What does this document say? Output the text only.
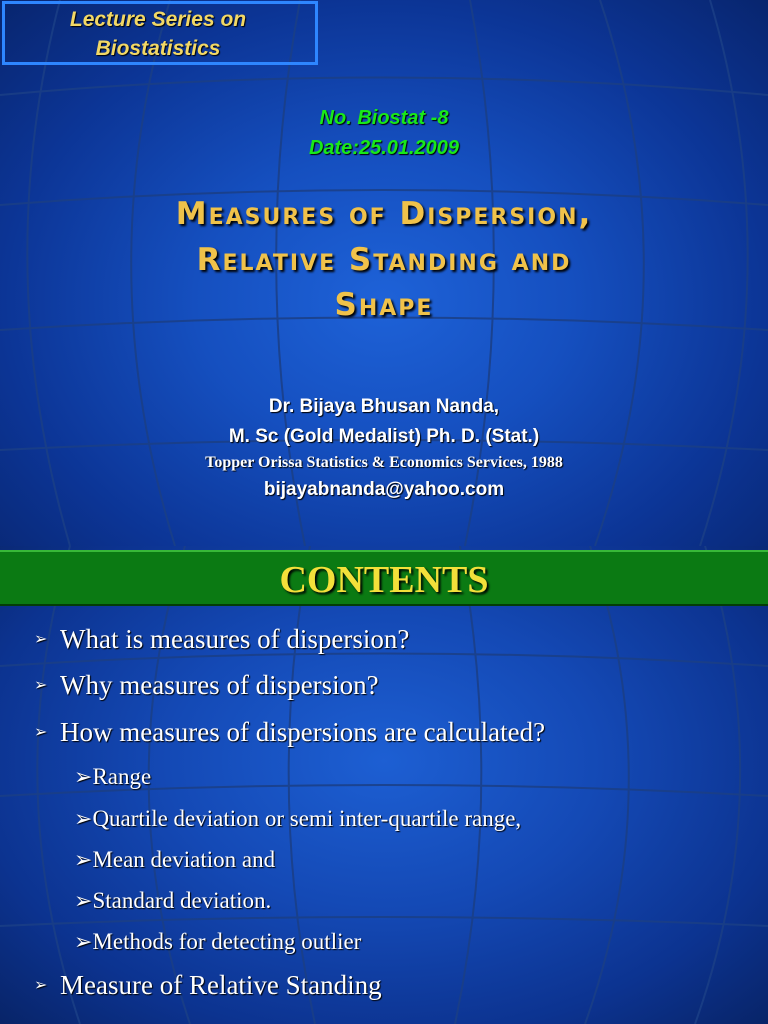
Lecture Series on
Biostatistics
No. Biostat -8
Date:25.01.2009
Measures of Dispersion,
Relative Standing and
Shape
Dr. Bijaya Bhusan Nanda,
M. Sc (Gold Medalist) Ph. D. (Stat.)
Topper Orissa Statistics & Economics Services, 1988
bijayabnanda@yahoo.com
CONTENTS
➢ What is measures of dispersion?
➢ Why measures of dispersion?
➢ How measures of dispersions are calculated?
➢Range
➢Quartile deviation or semi inter-quartile range,
➢Mean deviation and
➢Standard deviation.
➢Methods for detecting outlier
➢ Measure of Relative Standing
